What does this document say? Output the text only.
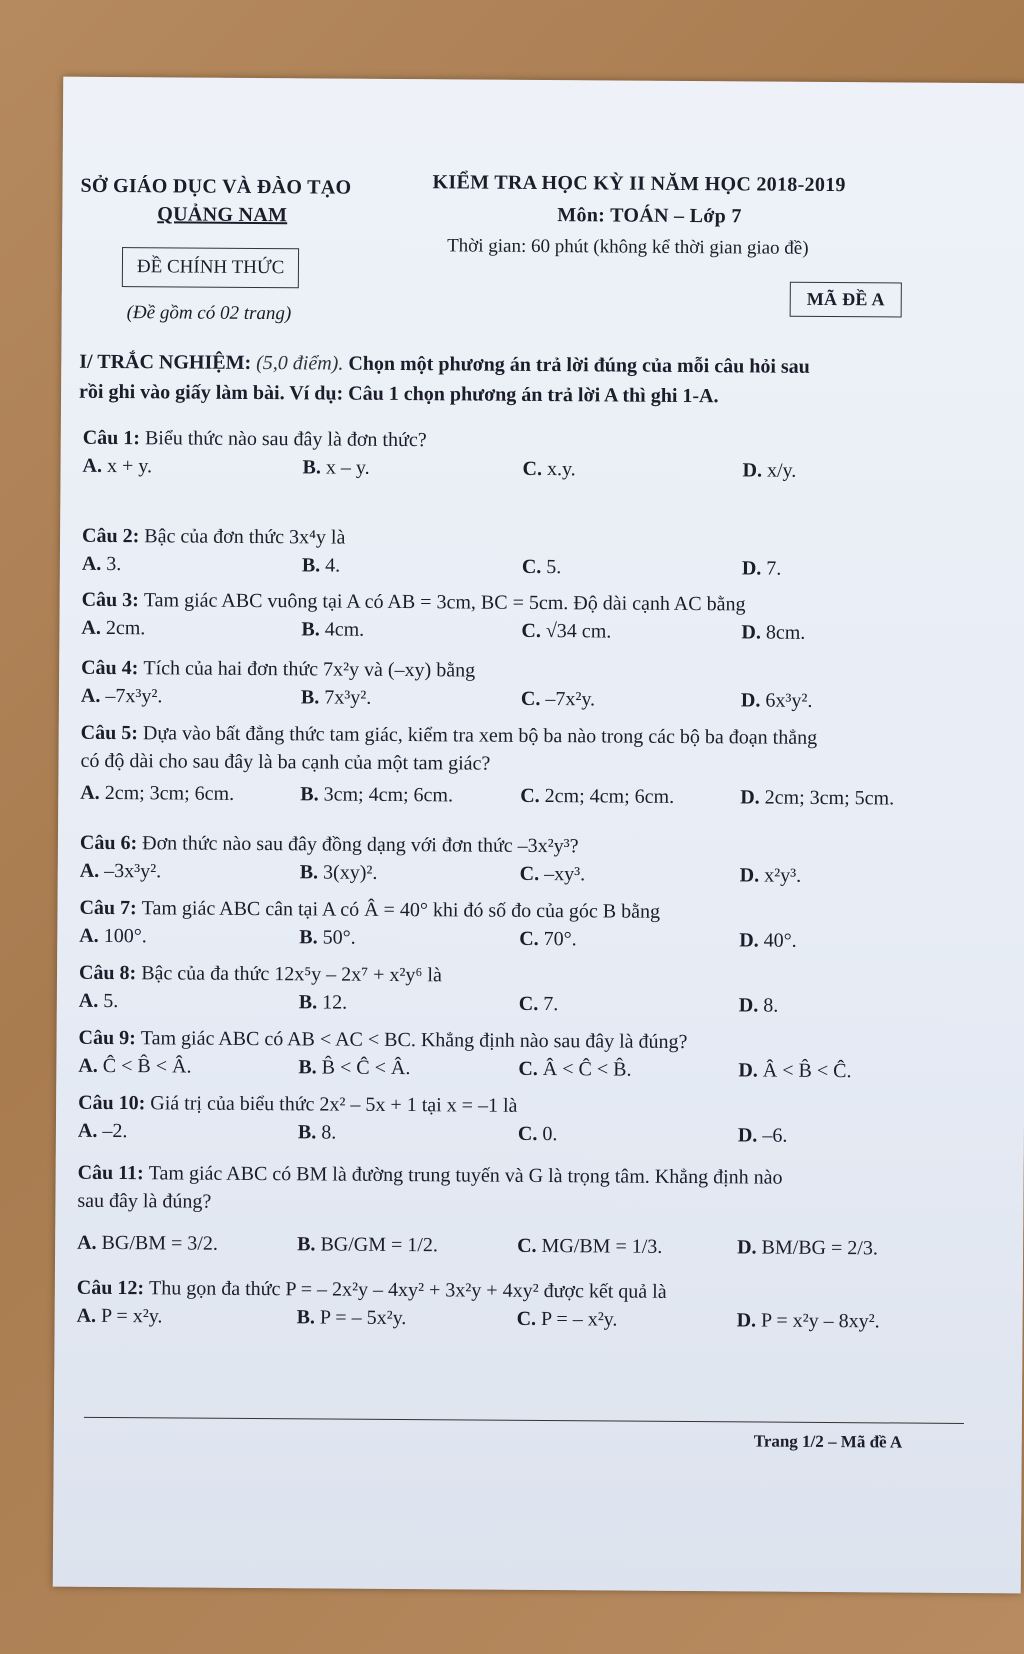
SỞ GIÁO DỤC VÀ ĐÀO TẠO
QUẢNG NAM
ĐỀ CHÍNH THỨC
(Đề gồm có 02 trang)
KIỂM TRA HỌC KỲ II NĂM HỌC 2018-2019
Môn: TOÁN – Lớp 7
Thời gian: 60 phút (không kể thời gian giao đề)
MÃ ĐỀ A
I/ TRẮC NGHIỆM: (5,0 điểm). Chọn một phương án trả lời đúng của mỗi câu hỏi sau
rồi ghi vào giấy làm bài. Ví dụ: Câu 1 chọn phương án trả lời A thì ghi 1-A.
Câu 1: Biểu thức nào sau đây là đơn thức?
A. x + y.	B. x – y.	C. x.y.	D. x/y.
Câu 2: Bậc của đơn thức 3x⁴y là
A. 3.	B. 4.	C. 5.	D. 7.
Câu 3: Tam giác ABC vuông tại A có AB = 3cm, BC = 5cm. Độ dài cạnh AC bằng
A. 2cm.	B. 4cm.	C. √34 cm.	D. 8cm.
Câu 4: Tích của hai đơn thức 7x²y và (–xy) bằng
A. –7x³y².	B. 7x³y².	C. –7x²y.	D. 6x³y².
Câu 5: Dựa vào bất đẳng thức tam giác, kiểm tra xem bộ ba nào trong các bộ ba đoạn thẳng
có độ dài cho sau đây là ba cạnh của một tam giác?
A. 2cm; 3cm; 6cm.	B. 3cm; 4cm; 6cm.	C. 2cm; 4cm; 6cm.	D. 2cm; 3cm; 5cm.
Câu 6: Đơn thức nào sau đây đồng dạng với đơn thức –3x²y³?
A. –3x³y².	B. 3(xy)².	C. –xy³.	D. x²y³.
Câu 7: Tam giác ABC cân tại A có Â = 40° khi đó số đo của góc B bằng
A. 100°.	B. 50°.	C. 70°.	D. 40°.
Câu 8: Bậc của đa thức 12x⁵y – 2x⁷ + x²y⁶ là
A. 5.	B. 12.	C. 7.	D. 8.
Câu 9: Tam giác ABC có AB < AC < BC. Khẳng định nào sau đây là đúng?
A. Ĉ < B̂ < Â.	B. B̂ < Ĉ < Â.	C. Â < Ĉ < B̂.	D. Â < B̂ < Ĉ.
Câu 10: Giá trị của biểu thức 2x² – 5x + 1 tại x = –1 là
A. –2.	B. 8.	C. 0.	D. –6.
Câu 11: Tam giác ABC có BM là đường trung tuyến và G là trọng tâm. Khẳng định nào
sau đây là đúng?
A. BG/BM = 3/2.	B. BG/GM = 1/2.	C. MG/BM = 1/3.	D. BM/BG = 2/3.
Câu 12: Thu gọn đa thức P = – 2x²y – 4xy² + 3x²y + 4xy² được kết quả là
A. P = x²y.	B. P = – 5x²y.	C. P = – x²y.	D. P = x²y – 8xy².
Trang 1/2 – Mã đề A
